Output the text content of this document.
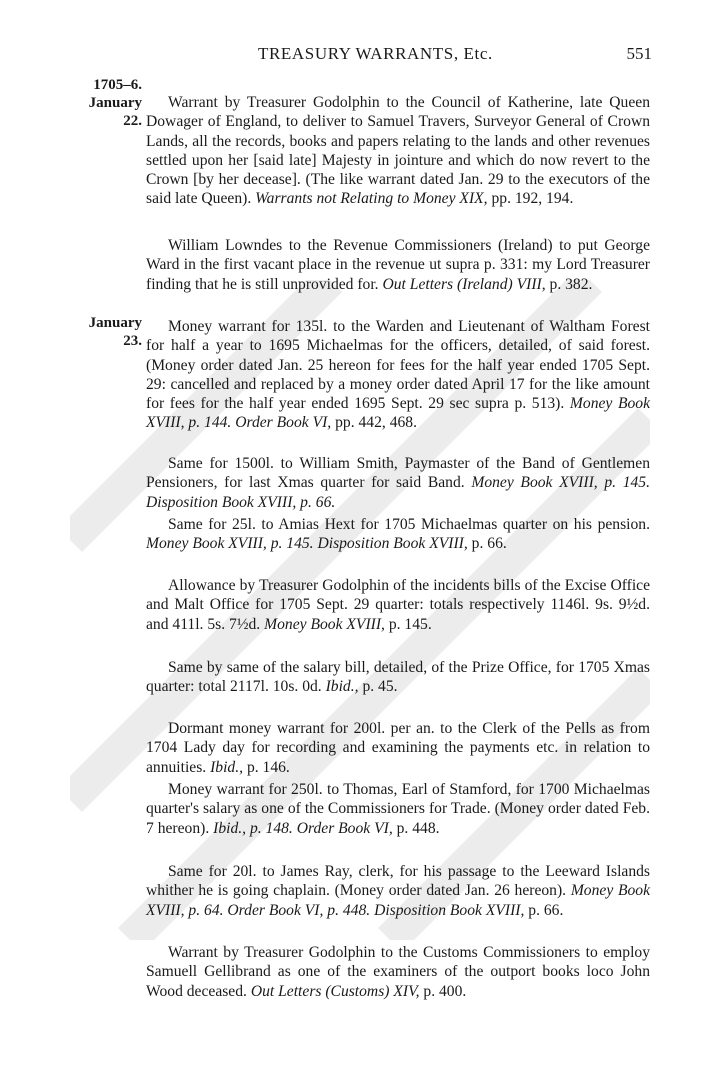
TREASURY WARRANTS, Etc.	551
1705–6.
January
22.
January
23.

Warrant by Treasurer Godolphin to the Council of Katherine, late Queen Dowager of England, to deliver to Samuel Travers, Surveyor General of Crown Lands, all the records, books and papers relating to the lands and other revenues settled upon her [said late] Majesty in jointure and which do now revert to the Crown [by her decease]. (The like warrant dated Jan. 29 to the executors of the said late Queen). Warrants not Relating to Money XIX, pp. 192, 194.

William Lowndes to the Revenue Commissioners (Ireland) to put George Ward in the first vacant place in the revenue ut supra p. 331: my Lord Treasurer finding that he is still unprovided for. Out Letters (Ireland) VIII, p. 382.

Money warrant for 135l. to the Warden and Lieutenant of Waltham Forest for half a year to 1695 Michaelmas for the officers, detailed, of said forest. (Money order dated Jan. 25 hereon for fees for the half year ended 1705 Sept. 29: cancelled and replaced by a money order dated April 17 for the like amount for fees for the half year ended 1695 Sept. 29 sec supra p. 513). Money Book XVIII, p. 144. Order Book VI, pp. 442, 468.

Same for 1500l. to William Smith, Paymaster of the Band of Gentlemen Pensioners, for last Xmas quarter for said Band. Money Book XVIII, p. 145. Disposition Book XVIII, p. 66.

Same for 25l. to Amias Hext for 1705 Michaelmas quarter on his pension. Money Book XVIII, p. 145. Disposition Book XVIII, p. 66.

Allowance by Treasurer Godolphin of the incidents bills of the Excise Office and Malt Office for 1705 Sept. 29 quarter: totals respectively 1146l. 9s. 9½d. and 411l. 5s. 7½d. Money Book XVIII, p. 145.

Same by same of the salary bill, detailed, of the Prize Office, for 1705 Xmas quarter: total 2117l. 10s. 0d. Ibid., p. 45.

Dormant money warrant for 200l. per an. to the Clerk of the Pells as from 1704 Lady day for recording and examining the payments etc. in relation to annuities. Ibid., p. 146.

Money warrant for 250l. to Thomas, Earl of Stamford, for 1700 Michaelmas quarter's salary as one of the Commissioners for Trade. (Money order dated Feb. 7 hereon). Ibid., p. 148. Order Book VI, p. 448.

Same for 20l. to James Ray, clerk, for his passage to the Leeward Islands whither he is going chaplain. (Money order dated Jan. 26 hereon). Money Book XVIII, p. 64. Order Book VI, p. 448. Disposition Book XVIII, p. 66.

Warrant by Treasurer Godolphin to the Customs Commissioners to employ Samuell Gellibrand as one of the examiners of the outport books loco John Wood deceased. Out Letters (Customs) XIV, p. 400.
